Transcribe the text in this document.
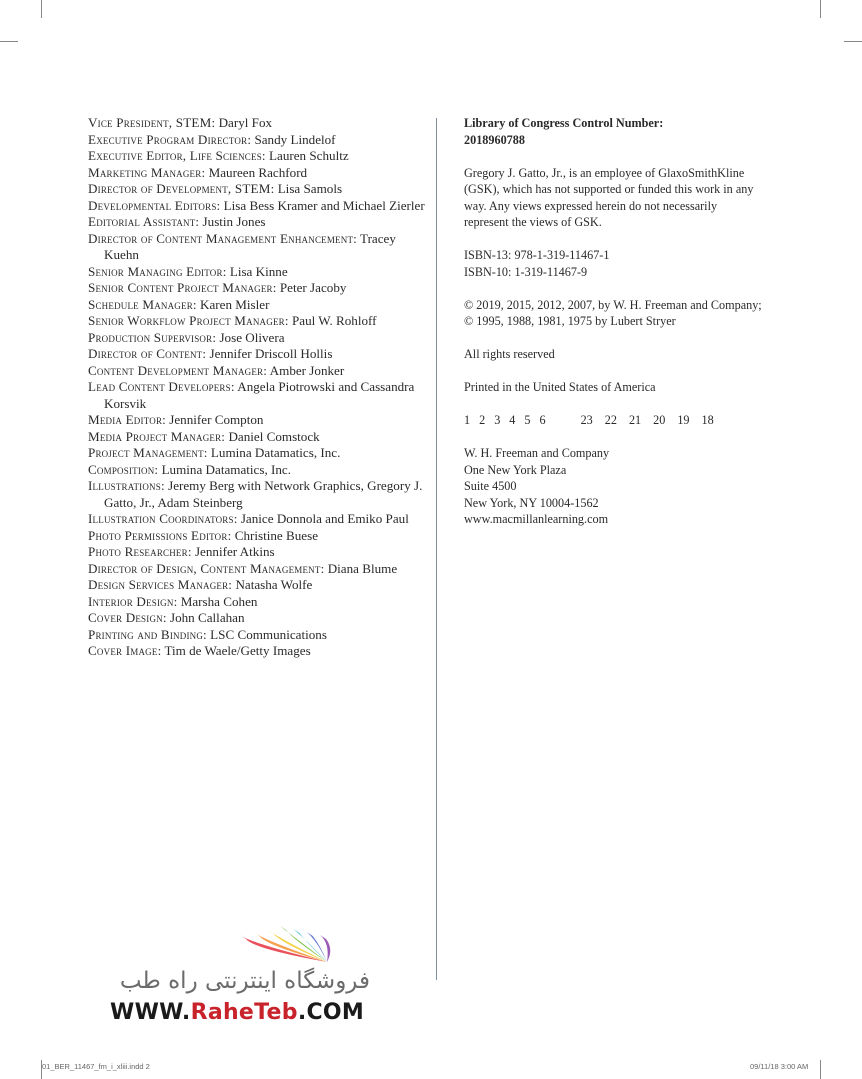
Vice President, STEM: Daryl Fox
Executive Program Director: Sandy Lindelof
Executive Editor, Life Sciences: Lauren Schultz
Marketing Manager: Maureen Rachford
Director of Development, STEM: Lisa Samols
Developmental Editors: Lisa Bess Kramer and Michael Zierler
Editorial Assistant: Justin Jones
Director of Content Management Enhancement: Tracey Kuehn
Senior Managing Editor: Lisa Kinne
Senior Content Project Manager: Peter Jacoby
Schedule Manager: Karen Misler
Senior Workflow Project Manager: Paul W. Rohloff
Production Supervisor: Jose Olivera
Director of Content: Jennifer Driscoll Hollis
Content Development Manager: Amber Jonker
Lead Content Developers: Angela Piotrowski and Cassandra Korsvik
Media Editor: Jennifer Compton
Media Project Manager: Daniel Comstock
Project Management: Lumina Datamatics, Inc.
Composition: Lumina Datamatics, Inc.
Illustrations: Jeremy Berg with Network Graphics, Gregory J. Gatto, Jr., Adam Steinberg
Illustration Coordinators: Janice Donnola and Emiko Paul
Photo Permissions Editor: Christine Buese
Photo Researcher: Jennifer Atkins
Director of Design, Content Management: Diana Blume
Design Services Manager: Natasha Wolfe
Interior Design: Marsha Cohen
Cover Design: John Callahan
Printing and Binding: LSC Communications
Cover Image: Tim de Waele/Getty Images

Library of Congress Control Number:
2018960788

Gregory J. Gatto, Jr., is an employee of GlaxoSmithKline (GSK), which has not supported or funded this work in any way. Any views expressed herein do not necessarily represent the views of GSK.

ISBN-13: 978-1-319-11467-1
ISBN-10: 1-319-11467-9

© 2019, 2015, 2012, 2007, by W. H. Freeman and Company; © 1995, 1988, 1981, 1975 by Lubert Stryer

All rights reserved

Printed in the United States of America

1 2 3 4 5 6	23 22 21 20 19 18

W. H. Freeman and Company
One New York Plaza
Suite 4500
New York, NY 10004-1562
www.macmillanlearning.com

فروشگاه اینترنتی راه طب
WWW.RaheTeb.COM
01_BER_11467_fm_i_xliii.indd 2	09/11/18 3:00 AM
